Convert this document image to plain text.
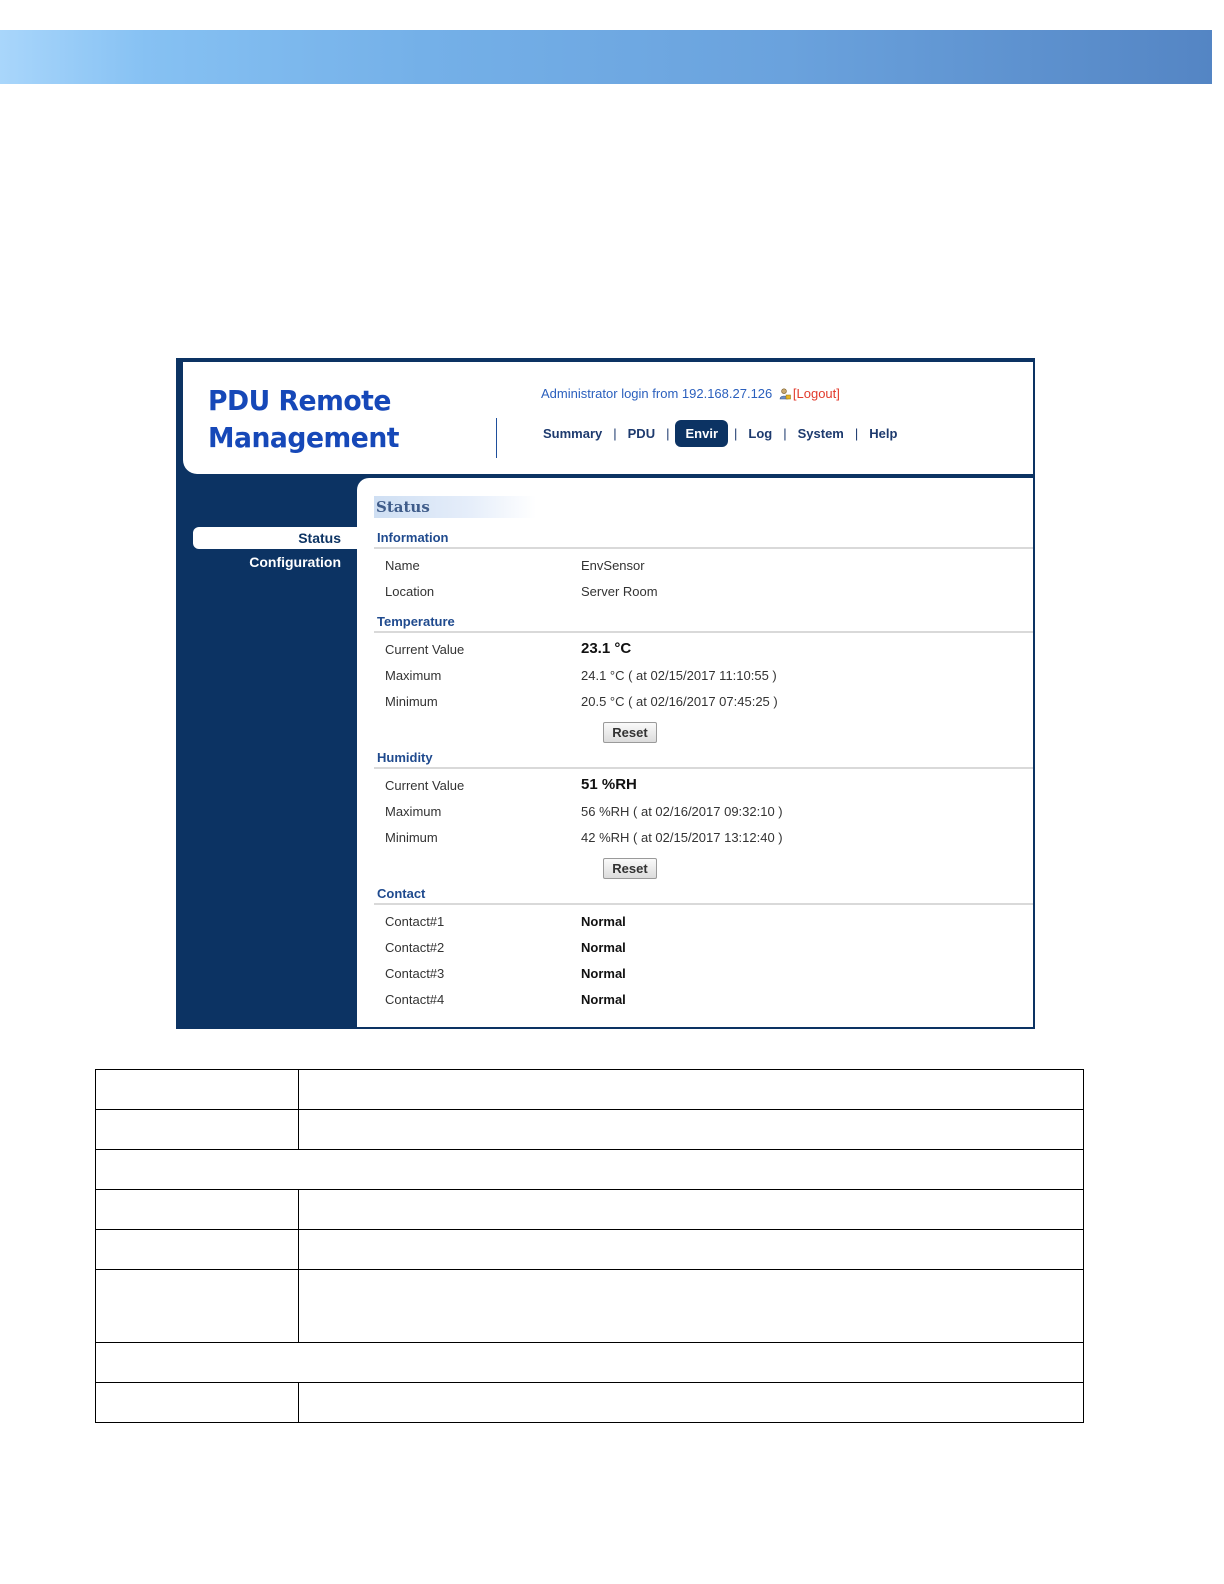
PDU Remote
Management
Administrator login from 192.168.27.126 [Logout]
Summary | PDU |	Envir	| Log | System | Help
Status
Configuration
Status
Information
Name	EnvSensor
Location	Server Room
Temperature
Current Value	23.1 °C
Maximum	24.1 °C ( at 02/15/2017 11:10:55 )
Minimum	20.5 °C ( at 02/16/2017 07:45:25 )
Reset
Humidity
Current Value	51 %RH
Maximum	56 %RH ( at 02/16/2017 09:32:10 )
Minimum	42 %RH ( at 02/15/2017 13:12:40 )
Reset
Contact
Contact#1	Normal
Contact#2	Normal
Contact#3	Normal
Contact#4	Normal
